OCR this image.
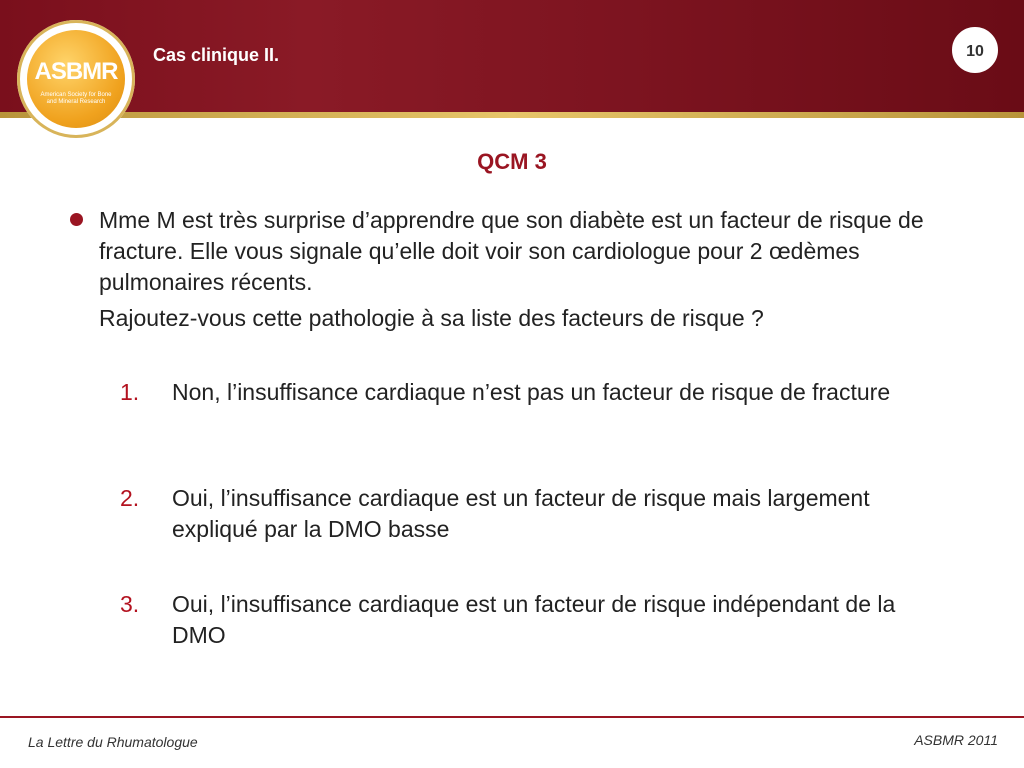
ASBMR
American Society for Bone and Mineral Research
Cas clinique II.	10
QCM 3
Mme M est très surprise d’apprendre que son diabète est un facteur de risque de fracture. Elle vous signale qu’elle doit voir son cardiologue pour 2 œdèmes pulmonaires récents.
Rajoutez-vous cette pathologie à sa liste des facteurs de risque ?
1. Non, l’insuffisance cardiaque n’est pas un facteur de risque de fracture
2. Oui, l’insuffisance cardiaque est un facteur de risque mais largement expliqué par la DMO basse
3. Oui, l’insuffisance cardiaque est un facteur de risque indépendant de la DMO
La Lettre du Rhumatologue	ASBMR 2011
